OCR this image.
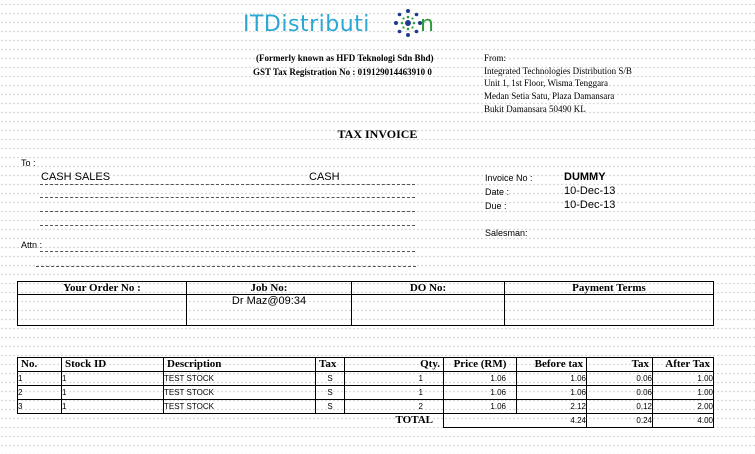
ITDistributi n
(Formerly known as HFD Teknologi Sdn Bhd)
GST Tax Registration No : 019129014463910 0
From:
Integrated Technologies Distribution S/B
Unit 1, 1st Floor, Wisma Tenggara
Medan Setia Satu, Plaza Damansara
Bukit Damansara 50490 KL
TAX INVOICE
To :
CASH SALES	CASH
Attn :
Invoice No :	DUMMY
Date :	10-Dec-13
Due :	10-Dec-13
Salesman:
Your Order No :	Job No:	DO No:	Payment Terms
	Dr Maz@09:34		
No.	Stock ID	Description	Tax	Qty.	Price (RM)	Before tax	Tax	After Tax
1	1	TEST STOCK	S	1	1.06	1.06	0.06	1.00
2	1	TEST STOCK	S	1	1.06	1.06	0.06	1.00
3	1	TEST STOCK	S	2	1.06	2.12	0.12	2.00
TOTAL						4.24	0.24	4.00
